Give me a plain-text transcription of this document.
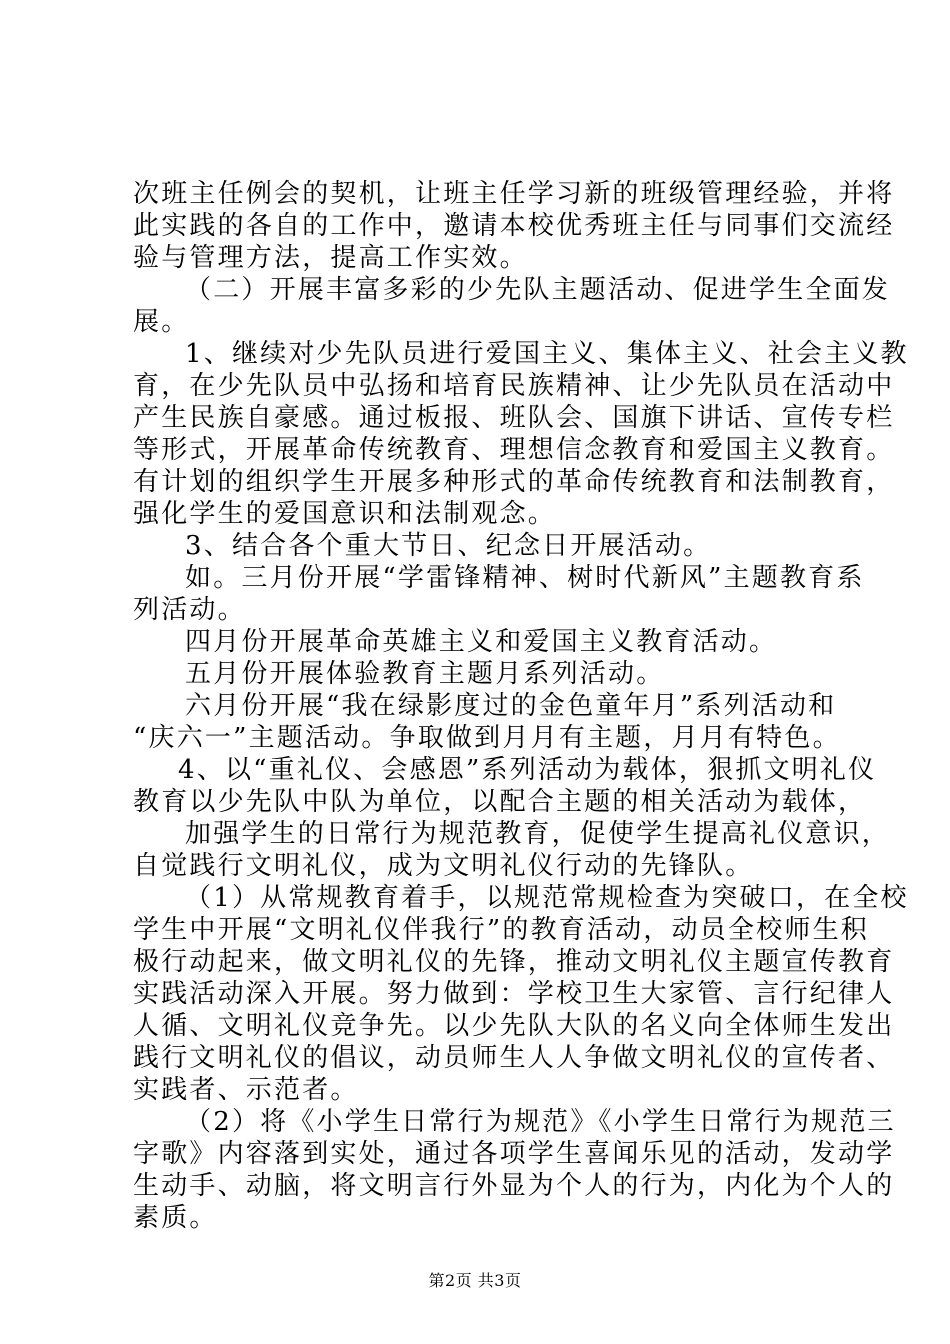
次班主任例会的契机，让班主任学习新的班级管理经验，并将
此实践的各自的工作中，邀请本校优秀班主任与同事们交流经
验与管理方法，提高工作实效。
（二）开展丰富多彩的少先队主题活动、促进学生全面发
展。
1、继续对少先队员进行爱国主义、集体主义、社会主义教
育，在少先队员中弘扬和培育民族精神、让少先队员在活动中
产生民族自豪感。通过板报、班队会、国旗下讲话、宣传专栏
等形式，开展革命传统教育、理想信念教育和爱国主义教育。
有计划的组织学生开展多种形式的革命传统教育和法制教育，
强化学生的爱国意识和法制观念。
3、结合各个重大节日、纪念日开展活动。
如。三月份开展“学雷锋精神、树时代新风”主题教育系
列活动。
四月份开展革命英雄主义和爱国主义教育活动。
五月份开展体验教育主题月系列活动。
六月份开展“我在绿影度过的金色童年月”系列活动和
“庆六一”主题活动。争取做到月月有主题，月月有特色。
4、以“重礼仪、会感恩”系列活动为载体，狠抓文明礼仪
教育以少先队中队为单位，以配合主题的相关活动为载体，
加强学生的日常行为规范教育，促使学生提高礼仪意识，
自觉践行文明礼仪，成为文明礼仪行动的先锋队。
（1）从常规教育着手，以规范常规检查为突破口，在全校
学生中开展“文明礼仪伴我行”的教育活动，动员全校师生积
极行动起来，做文明礼仪的先锋，推动文明礼仪主题宣传教育
实践活动深入开展。努力做到：学校卫生大家管、言行纪律人
人循、文明礼仪竞争先。以少先队大队的名义向全体师生发出
践行文明礼仪的倡议，动员师生人人争做文明礼仪的宣传者、
实践者、示范者。
（2）将《小学生日常行为规范》《小学生日常行为规范三
字歌》内容落到实处，通过各项学生喜闻乐见的活动，发动学
生动手、动脑，将文明言行外显为个人的行为，内化为个人的
素质。
第2页 共3页
